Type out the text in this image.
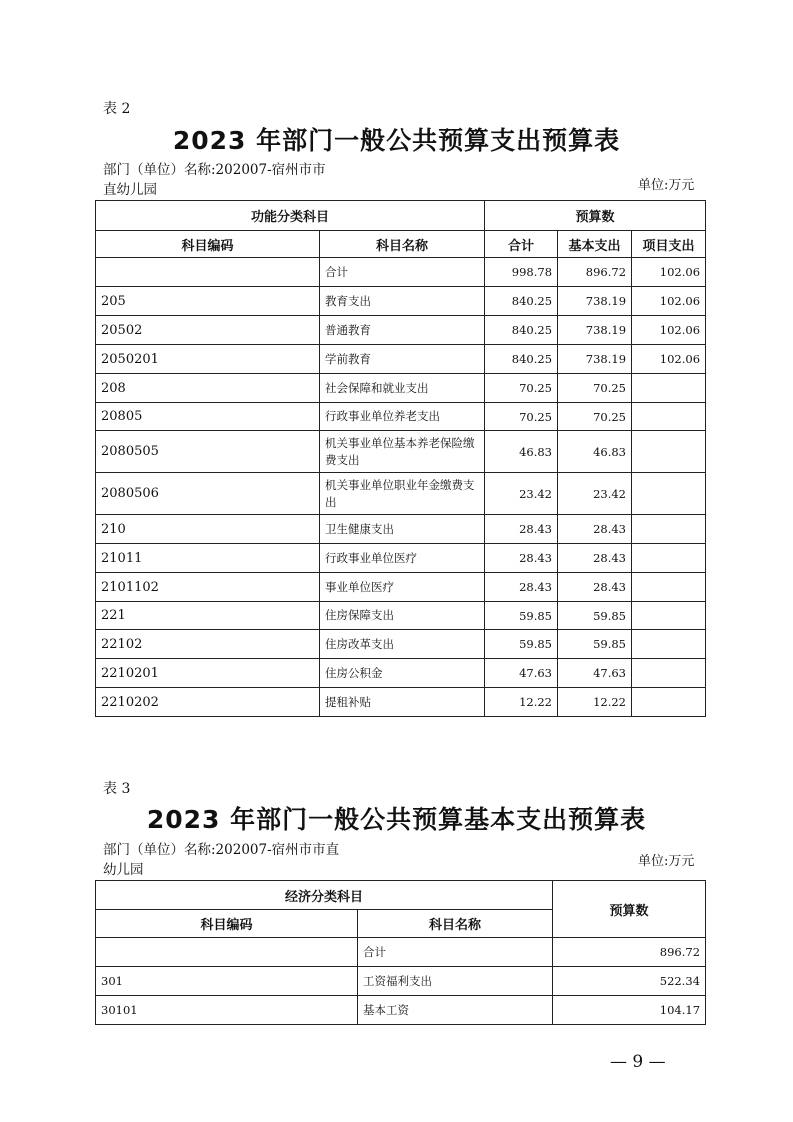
表 2
2023 年部门一般公共预算支出预算表
部门（单位）名称:202007-宿州市市
直幼儿园	单位:万元
功能分类科目		预算数		
科目编码	科目名称	合计	基本支出	项目支出
	合计	998.78	896.72	102.06
205	教育支出	840.25	738.19	102.06
20502	普通教育	840.25	738.19	102.06
2050201	学前教育	840.25	738.19	102.06
208	社会保障和就业支出	70.25	70.25	
20805	行政事业单位养老支出	70.25	70.25	
2080505	机关事业单位基本养老保险缴费支出	46.83	46.83	
2080506	机关事业单位职业年金缴费支出	23.42	23.42	
210	卫生健康支出	28.43	28.43	
21011	行政事业单位医疗	28.43	28.43	
2101102	事业单位医疗	28.43	28.43	
221	住房保障支出	59.85	59.85	
22102	住房改革支出	59.85	59.85	
2210201	住房公积金	47.63	47.63	
2210202	提租补贴	12.22	12.22	
表 3
2023 年部门一般公共预算基本支出预算表
部门（单位）名称:202007-宿州市市直
幼儿园
单位:万元
经济分类科目		预算数
科目编码	科目名称	
	合计	896.72
301	工资福利支出	522.34
30101	基本工资	104.17
— 9 —
